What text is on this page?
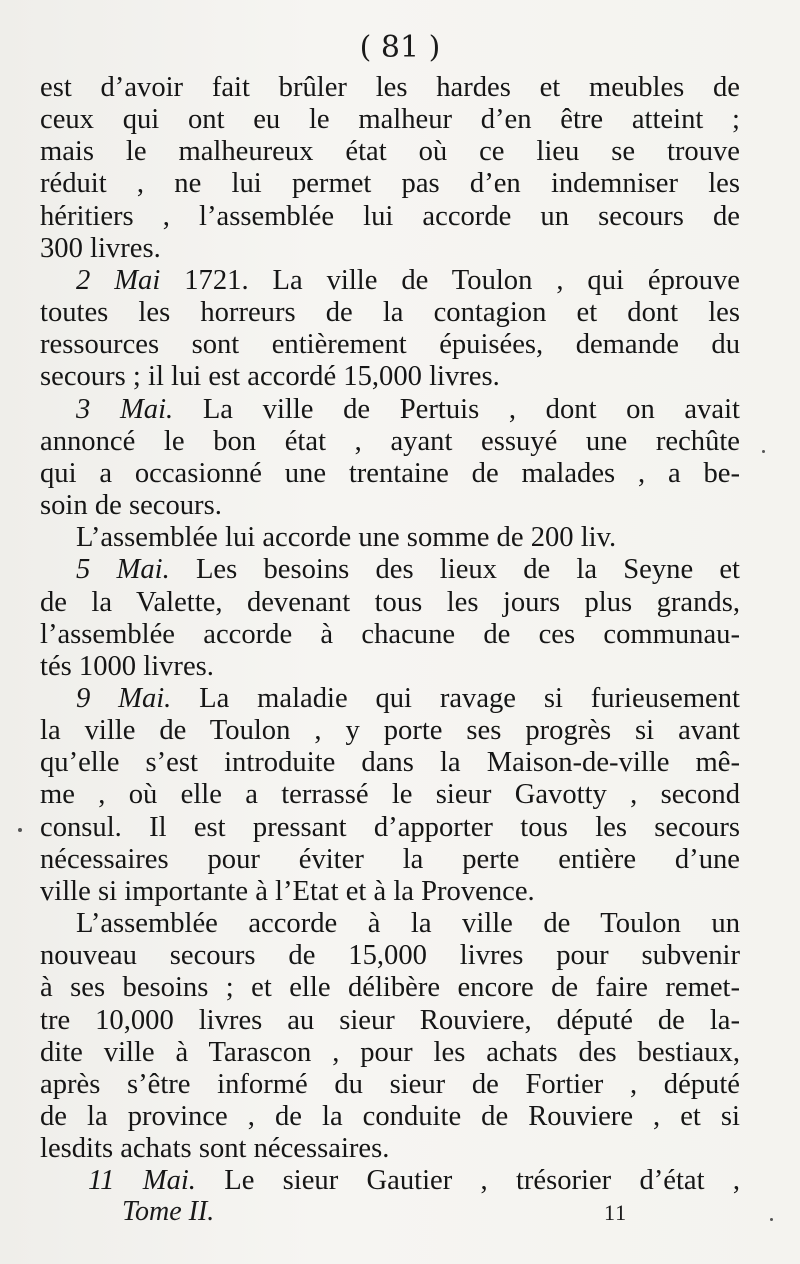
( 81 )
est d’avoir fait brûler les hardes et meubles de
ceux qui ont eu le malheur d’en être atteint ;
mais le malheureux état où ce lieu se trouve
réduit , ne lui permet pas d’en indemniser les
héritiers , l’assemblée lui accorde un secours de
300 livres.
2 Mai 1721. La ville de Toulon , qui éprouve
toutes les horreurs de la contagion et dont les
ressources sont entièrement épuisées, demande du
secours ; il lui est accordé 15,000 livres.
3 Mai. La ville de Pertuis , dont on avait
annoncé le bon état , ayant essuyé une rechûte
qui a occasionné une trentaine de malades , a be-
soin de secours.
L’assemblée lui accorde une somme de 200 liv.
5 Mai. Les besoins des lieux de la Seyne et
de la Valette, devenant tous les jours plus grands,
l’assemblée accorde à chacune de ces communau-
tés 1000 livres.
9 Mai. La maladie qui ravage si furieusement
la ville de Toulon , y porte ses progrès si avant
qu’elle s’est introduite dans la Maison-de-ville mê-
me , où elle a terrassé le sieur Gavotty , second
consul. Il est pressant d’apporter tous les secours
nécessaires pour éviter la perte entière d’une
ville si importante à l’Etat et à la Provence.
L’assemblée accorde à la ville de Toulon un
nouveau secours de 15,000 livres pour subvenir
à ses besoins ; et elle délibère encore de faire remet-
tre 10,000 livres au sieur Rouviere, député de la-
dite ville à Tarascon , pour les achats des bestiaux,
après s’être informé du sieur de Fortier , député
de la province , de la conduite de Rouviere , et si
lesdits achats sont nécessaires.
11 Mai. Le sieur Gautier , trésorier d’état ,
Tome II.	11
